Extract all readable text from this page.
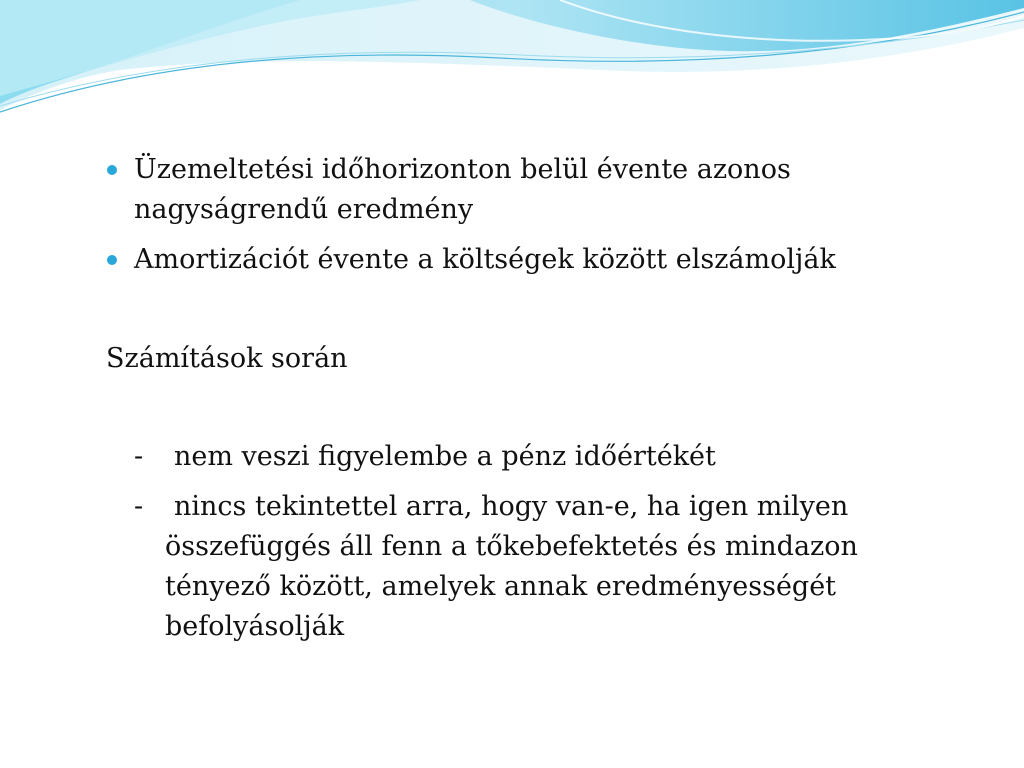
Üzemeltetési időhorizonton belül évente azonos nagyságrendű eredmény
Amortizációt évente a költségek között elszámolják
Számítások során
- nem veszi figyelembe a pénz időértékét
-	nincs tekintettel arra, hogy van-e, ha igen milyen összefüggés áll fenn a tőkebefektetés és mindazon tényező között, amelyek annak eredményességét befolyásolják
